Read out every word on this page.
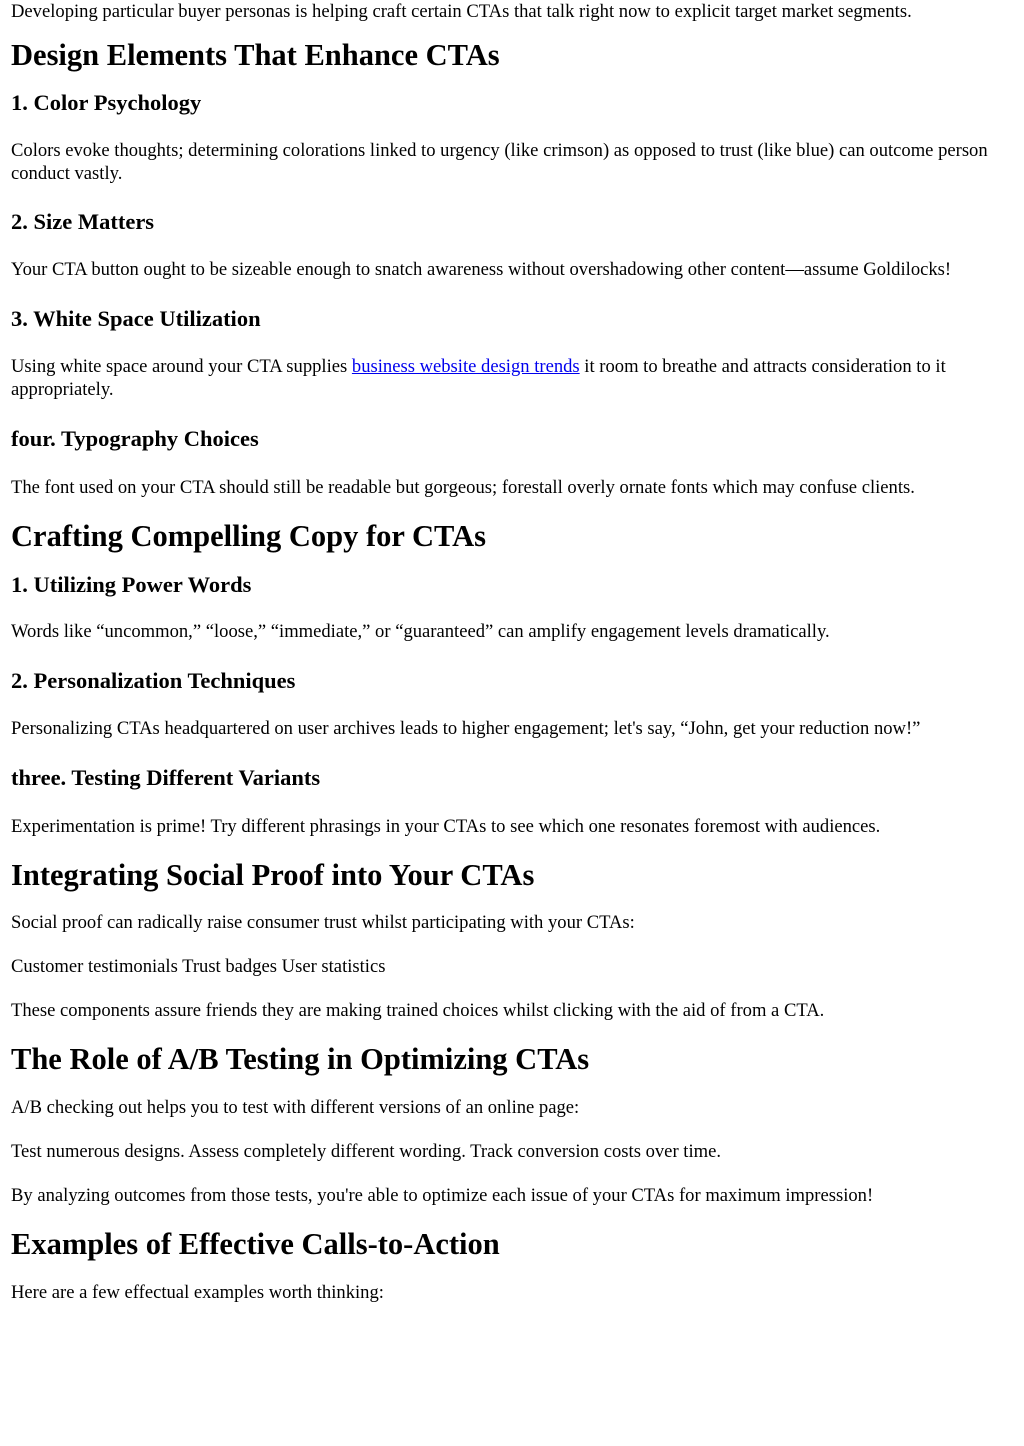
Developing particular buyer personas is helping craft certain CTAs that talk right now to explicit target market segments.

Design Elements That Enhance CTAs
1. Color Psychology

Colors evoke thoughts; determining colorations linked to urgency (like crimson) as opposed to trust (like blue) can outcome person conduct vastly.

2. Size Matters

Your CTA button ought to be sizeable enough to snatch awareness without overshadowing other content—assume Goldilocks!

3. White Space Utilization

Using white space around your CTA supplies business website design trends it room to breathe and attracts consideration to it appropriately.

four. Typography Choices

The font used on your CTA should still be readable but gorgeous; forestall overly ornate fonts which may confuse clients.

Crafting Compelling Copy for CTAs
1. Utilizing Power Words

Words like “uncommon,” “loose,” “immediate,” or “guaranteed” can amplify engagement levels dramatically.

2. Personalization Techniques

Personalizing CTAs headquartered on user archives leads to higher engagement; let's say, “John, get your reduction now!”

three. Testing Different Variants

Experimentation is prime! Try different phrasings in your CTAs to see which one resonates foremost with audiences.

Integrating Social Proof into Your CTAs

Social proof can radically raise consumer trust whilst participating with your CTAs:

Customer testimonials Trust badges User statistics

These components assure friends they are making trained choices whilst clicking with the aid of from a CTA.

The Role of A/B Testing in Optimizing CTAs

A/B checking out helps you to test with different versions of an online page:

Test numerous designs. Assess completely different wording. Track conversion costs over time.

By analyzing outcomes from those tests, you're able to optimize each issue of your CTAs for maximum impression!

Examples of Effective Calls-to-Action

Here are a few effectual examples worth thinking:
